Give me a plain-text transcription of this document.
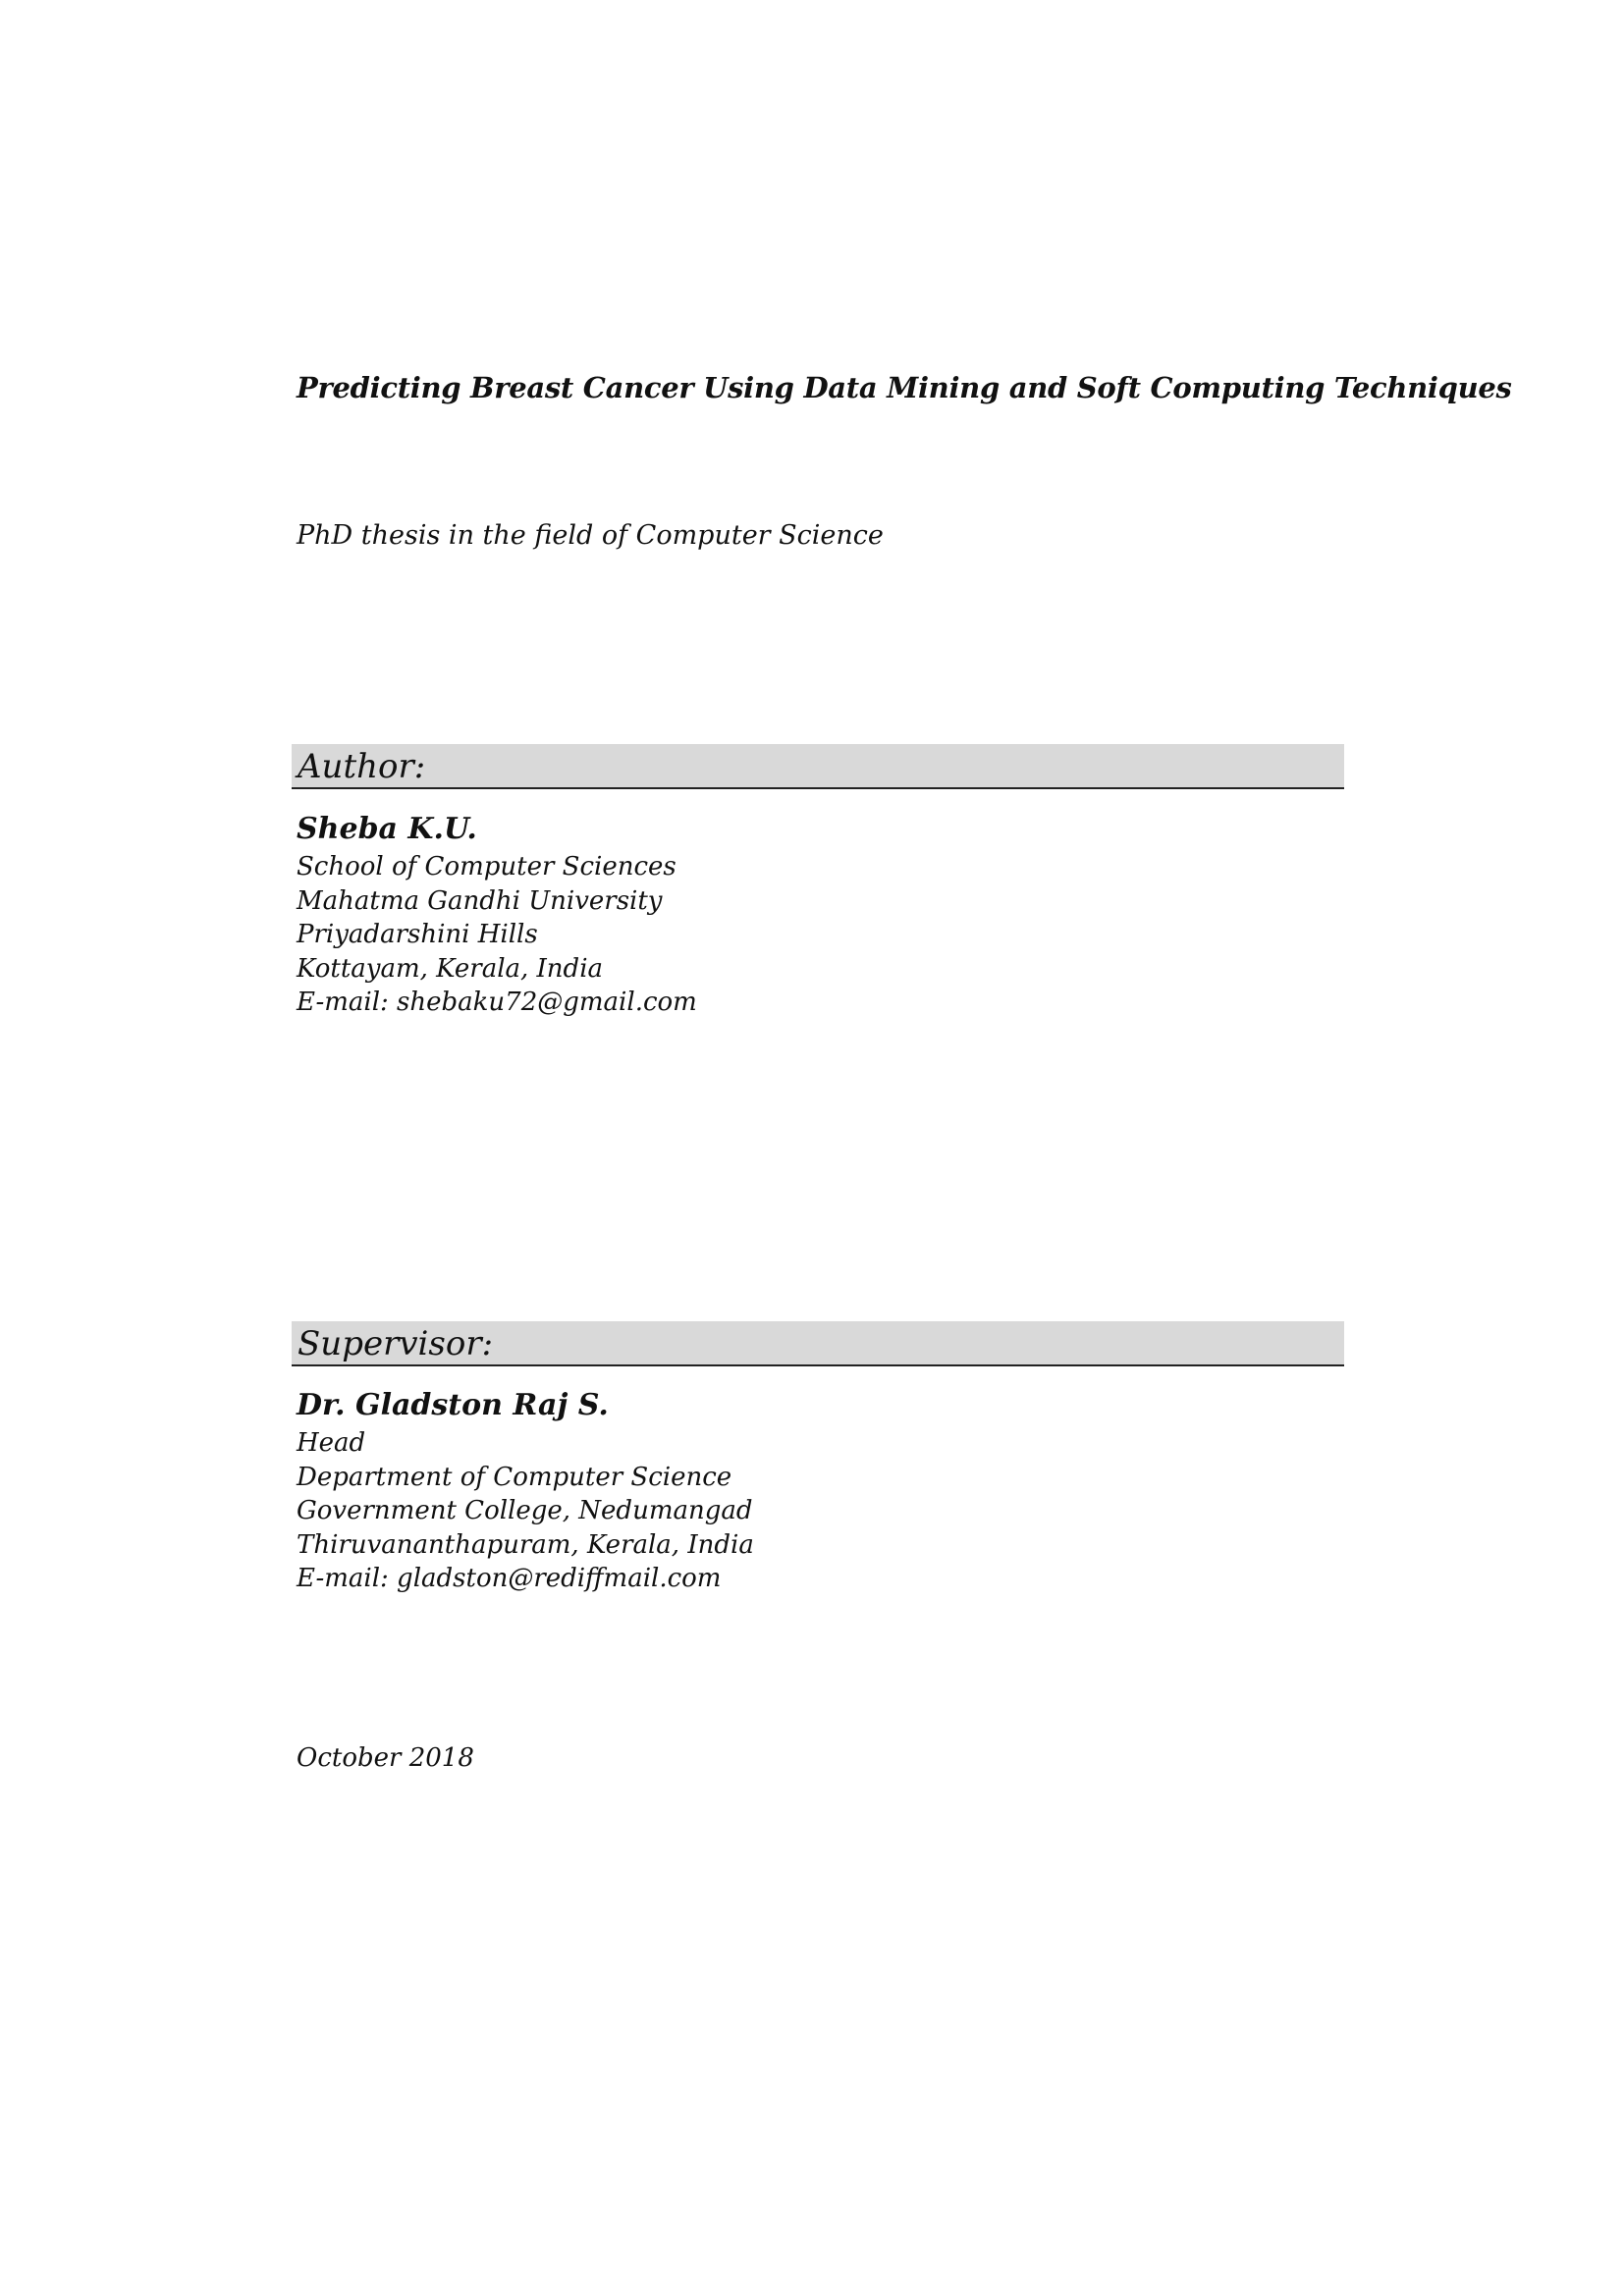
Predicting Breast Cancer Using Data Mining and Soft Computing Techniques
PhD thesis in the field of Computer Science
Author:
Sheba K.U.
School of Computer Sciences
Mahatma Gandhi University
Priyadarshini Hills
Kottayam, Kerala, India
E-mail: shebaku72@gmail.com
Supervisor:
Dr. Gladston Raj S.
Head
Department of Computer Science
Government College, Nedumangad
Thiruvananthapuram, Kerala, India
E-mail: gladston@rediffmail.com
October 2018
